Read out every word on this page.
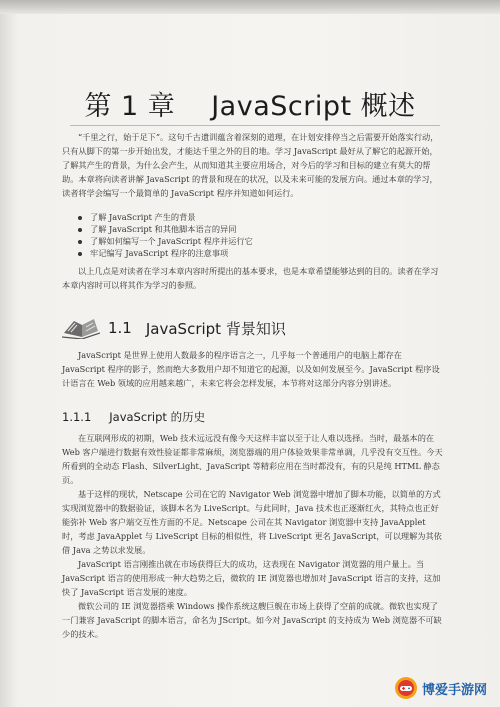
第 1 章 JavaScript 概述

“千里之行，始于足下”。这句千古遗训蕴含着深刻的道理，在计划安排停当之后需要开始落实行动，只有从脚下的第一步开始出发，才能达千里之外的目的地。学习 JavaScript 最好从了解它的起源开始，了解其产生的背景，为什么会产生，从而知道其主要应用场合，对今后的学习和目标的建立有莫大的帮助。本章将向读者讲解 JavaScript 的背景和现在的状况，以及未来可能的发展方向。通过本章的学习，读者将学会编写一个最简单的 JavaScript 程序并知道如何运行。

了解 JavaScript 产生的背景
了解 JavaScript 和其他脚本语言的异同
了解如何编写一个 JavaScript 程序并运行它
牢记编写 JavaScript 程序的注意事项

以上几点是对读者在学习本章内容时所提出的基本要求，也是本章希望能够达到的目的。读者在学习本章内容时可以将其作为学习的参照。

1.1 JavaScript 背景知识

JavaScript 是世界上使用人数最多的程序语言之一，几乎每一个普通用户的电脑上都存在 JavaScript 程序的影子，然而绝大多数用户却不知道它的起源，以及如何发展至今。JavaScript 程序设计语言在 Web 领域的应用越来越广，未来它将会怎样发展，本节将对这部分内容分别讲述。

1.1.1 JavaScript 的历史

在互联网形成的初期，Web 技术远远没有像今天这样丰富以至于让人难以选择。当时，最基本的在 Web 客户端进行数据有效性验证都非常麻烦，浏览器端的用户体验效果非常单调，几乎没有交互性。今天所看到的全动态 Flash、SilverLight、JavaScript 等精彩应用在当时都没有，有的只是纯 HTML 静态页。

基于这样的现状，Netscape 公司在它的 Navigator Web 浏览器中增加了脚本功能，以简单的方式实现浏览器中的数据验证，该脚本名为 LiveScript。与此同时，Java 技术也正逐渐红火，其特点也正好能弥补 Web 客户端交互性方面的不足。Netscape 公司在其 Navigator 浏览器中支持 JavaApplet 时，考虑 JavaApplet 与 LiveScript 目标的相似性，将 LiveScript 更名 JavaScript，可以理解为其依借 Java 之势以求发展。

JavaScript 语言刚推出就在市场获得巨大的成功，这表现在 Navigator 浏览器的用户量上。当 JavaScript 语言的使用形成一种大趋势之后，微软的 IE 浏览器也增加对 JavaScript 语言的支持，这加快了 JavaScript 语言发展的速度。

微软公司的 IE 浏览器搭乘 Windows 操作系统这艘巨舰在市场上获得了空前的成就。微软也实现了一门兼容 JavaScript 的脚本语言，命名为 JScript。如今对 JavaScript 的支持成为 Web 浏览器不可缺少的技术。

博爱手游网
